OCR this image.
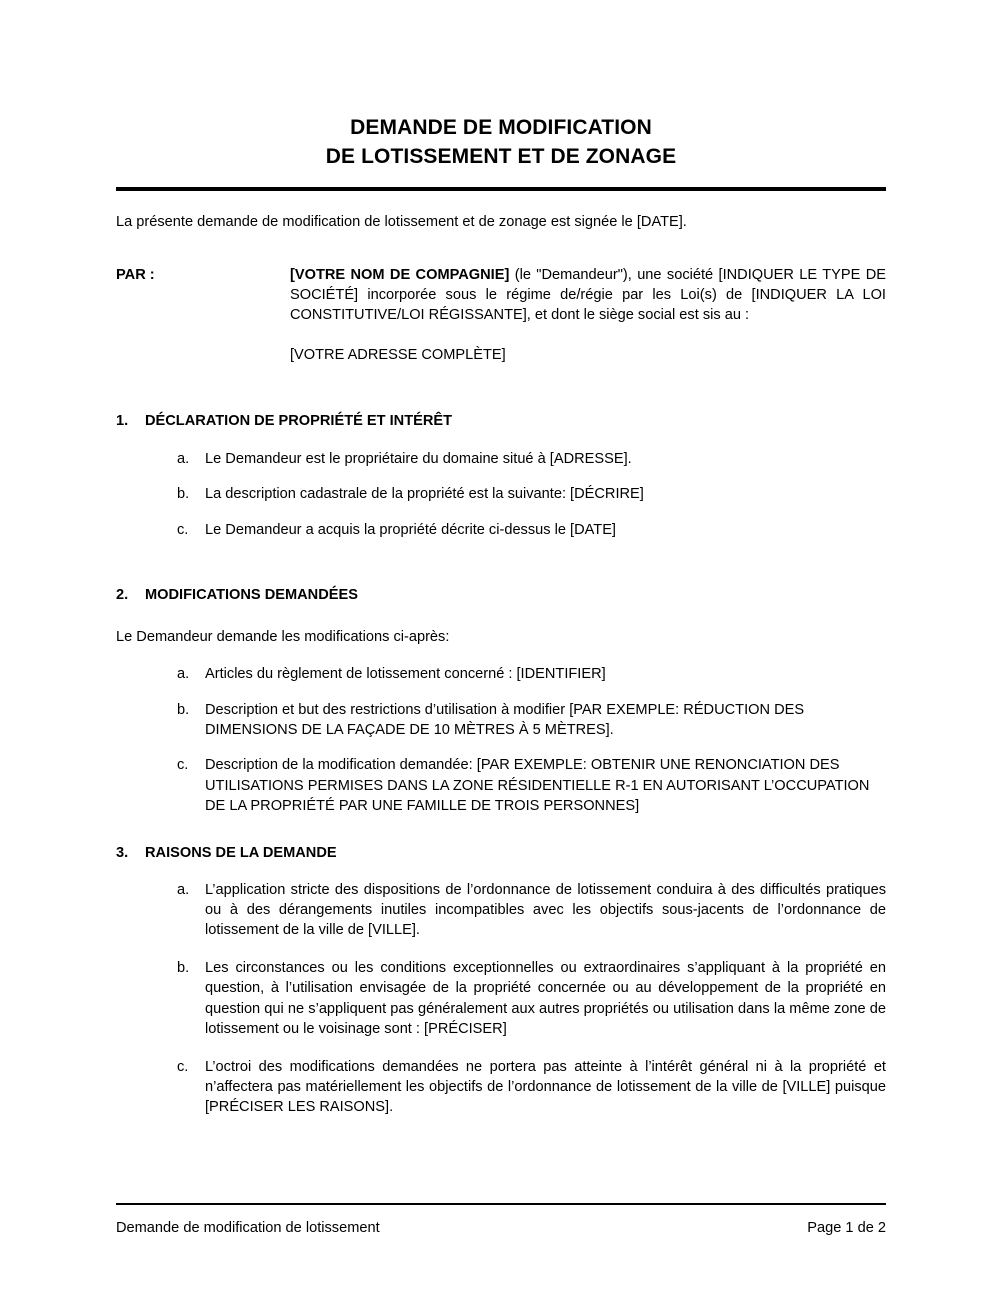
DEMANDE DE MODIFICATION
DE LOTISSEMENT ET DE ZONAGE

La présente demande de modification de lotissement et de zonage est signée le [DATE].

PAR :	[VOTRE NOM DE COMPAGNIE] (le "Demandeur"), une société [INDIQUER LE TYPE DE SOCIÉTÉ] incorporée sous le régime de/régie par les Loi(s) de [INDIQUER LA LOI CONSTITUTIVE/LOI RÉGISSANTE], et dont le siège social est sis au :

[VOTRE ADRESSE COMPLÈTE]

1.	DÉCLARATION DE PROPRIÉTÉ ET INTÉRÊT
a.	Le Demandeur est le propriétaire du domaine situé à [ADRESSE].
b.	La description cadastrale de la propriété est la suivante: [DÉCRIRE]
c.	Le Demandeur a acquis la propriété décrite ci-dessus le [DATE]
2.	MODIFICATIONS DEMANDÉES

Le Demandeur demande les modifications ci-après:

a.	Articles du règlement de lotissement concerné : [IDENTIFIER]
b.	Description et but des restrictions d’utilisation à modifier [PAR EXEMPLE: RÉDUCTION DES DIMENSIONS DE LA FAÇADE DE 10 MÈTRES À 5 MÈTRES].
c.	Description de la modification demandée: [PAR EXEMPLE: OBTENIR UNE RENONCIATION DES UTILISATIONS PERMISES DANS LA ZONE RÉSIDENTIELLE R-1 EN AUTORISANT L’OCCUPATION DE LA PROPRIÉTÉ PAR UNE FAMILLE DE TROIS PERSONNES]
3.	RAISONS DE LA DEMANDE
a.	L’application stricte des dispositions de l’ordonnance de lotissement conduira à des difficultés pratiques ou à des dérangements inutiles incompatibles avec les objectifs sous-jacents de l’ordonnance de lotissement de la ville de [VILLE].
b.	Les circonstances ou les conditions exceptionnelles ou extraordinaires s’appliquant à la propriété en question, à l’utilisation envisagée de la propriété concernée ou au développement de la propriété en question qui ne s’appliquent pas généralement aux autres propriétés ou utilisation dans la même zone de lotissement ou le voisinage sont : [PRÉCISER]
c.	L’octroi des modifications demandées ne portera pas atteinte à l’intérêt général ni à la propriété et n’affectera pas matériellement les objectifs de l’ordonnance de lotissement de la ville de [VILLE] puisque [PRÉCISER LES RAISONS].
Demande de modification de lotissement	Page 1 de 2
